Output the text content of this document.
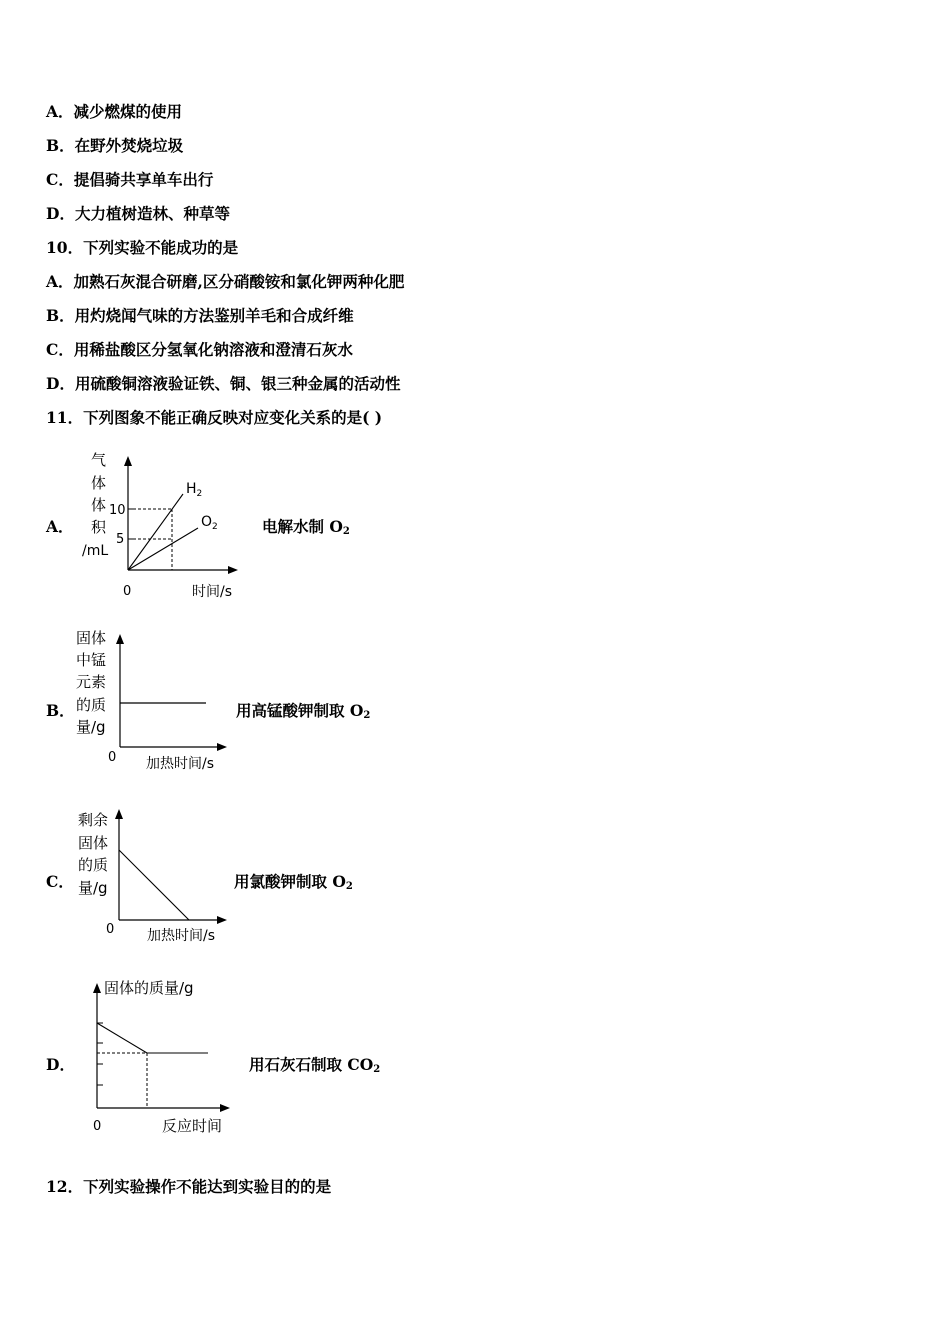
A．减少燃煤的使用
B．在野外焚烧垃圾
C．提倡骑共享单车出行
D．大力植树造林、种草等
10．下列实验不能成功的是
A．加熟石灰混合研磨,区分硝酸铵和氯化钾两种化肥
B．用灼烧闻气味的方法鉴别羊毛和合成纤维
C．用稀盐酸区分氢氧化钠溶液和澄清石灰水
D．用硫酸铜溶液验证铁、铜、银三种金属的活动性
11．下列图象不能正确反映对应变化关系的是( )
A．
气
体
体
积
/mL
10
5
$H_2$
$O_2$
0	时间/s
电解水制 $O_2$
B．
固体
中锰
元素
的质
量/g
0 加热时间/s
用高锰酸钾制取 $O_2$
C．
剩余
固体
的质
量/g
0 加热时间/s
用氯酸钾制取 $O_2$
D．
固体的质量/g
0	反应时间
用石灰石制取 $CO_2$
12．下列实验操作不能达到实验目的的是
